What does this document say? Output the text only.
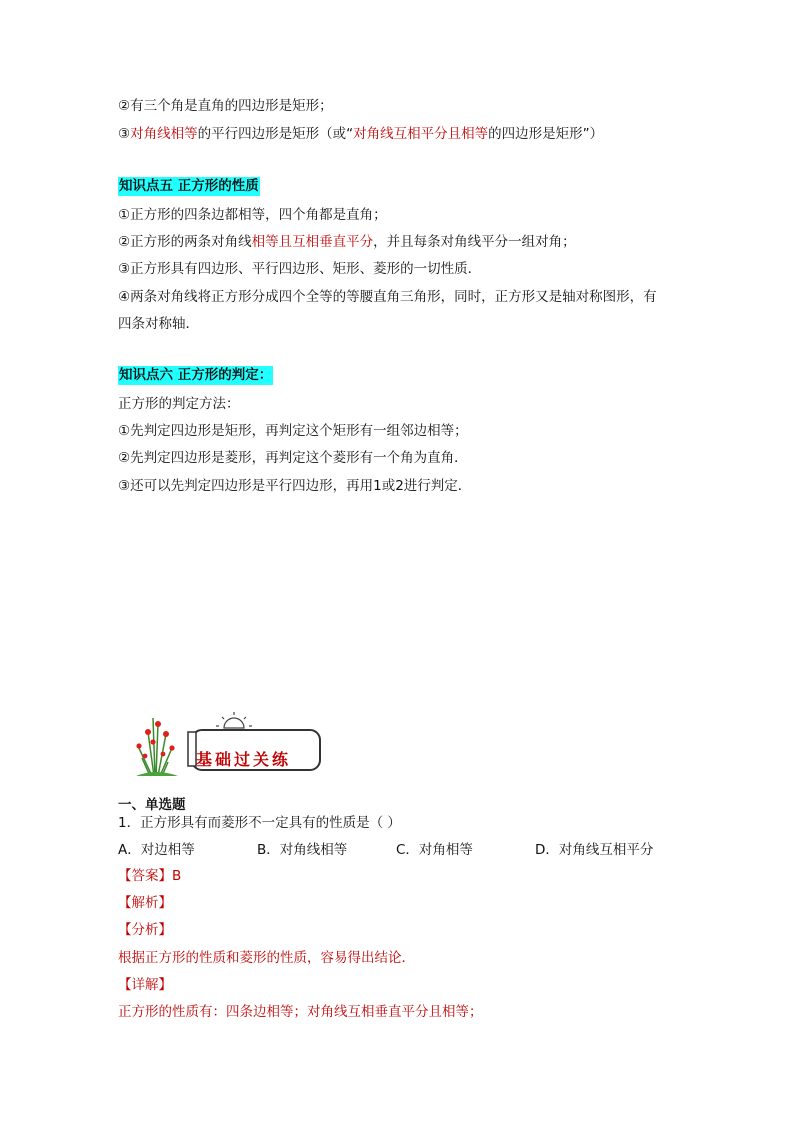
②有三个角是直角的四边形是矩形；
③对角线相等的平行四边形是矩形（或“对角线互相平分且相等的四边形是矩形”）
知识点五 正方形的性质
①正方形的四条边都相等，四个角都是直角；
②正方形的两条对角线相等且互相垂直平分，并且每条对角线平分一组对角；
③正方形具有四边形、平行四边形、矩形、菱形的一切性质．
④两条对角线将正方形分成四个全等的等腰直角三角形，同时，正方形又是轴对称图形，有
四条对称轴．
知识点六 正方形的判定：
正方形的判定方法：
①先判定四边形是矩形，再判定这个矩形有一组邻边相等；
②先判定四边形是菱形，再判定这个菱形有一个角为直角．
③还可以先判定四边形是平行四边形，再用1或2进行判定．
基础过关练
一、单选题
1．正方形具有而菱形不一定具有的性质是（ ）
A．对边相等	B．对角线相等	C．对角相等	D．对角线互相平分
【答案】B
【解析】
【分析】
根据正方形的性质和菱形的性质，容易得出结论．
【详解】
正方形的性质有：四条边相等；对角线互相垂直平分且相等；
